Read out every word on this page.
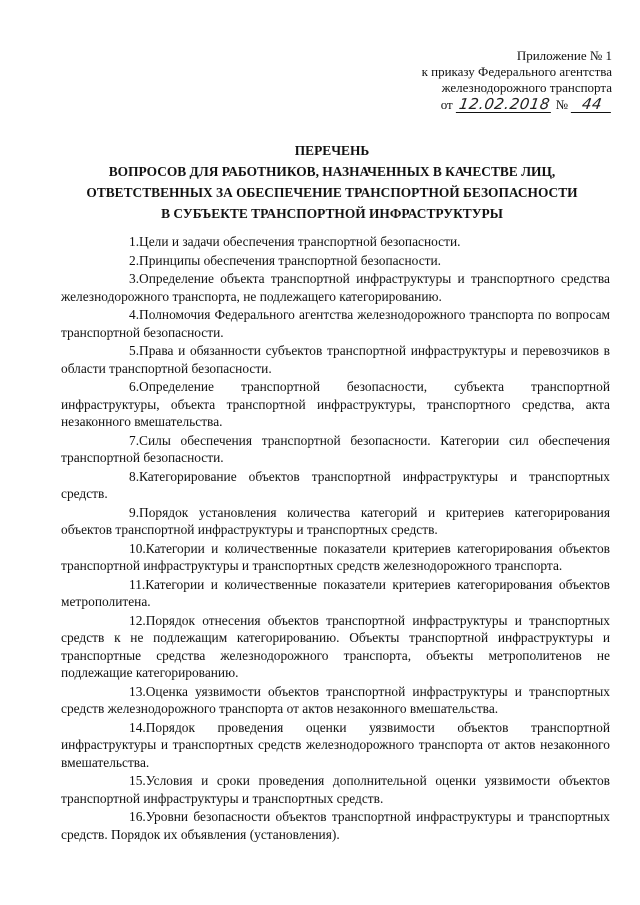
Приложение № 1
к приказу Федерального агентства
железнодорожного транспорта
от 12.02.2018 № 44
ПЕРЕЧЕНЬ
ВОПРОСОВ ДЛЯ РАБОТНИКОВ, НАЗНАЧЕННЫХ В КАЧЕСТВЕ ЛИЦ,
ОТВЕТСТВЕННЫХ ЗА ОБЕСПЕЧЕНИЕ ТРАНСПОРТНОЙ БЕЗОПАСНОСТИ
В СУБЪЕКТЕ ТРАНСПОРТНОЙ ИНФРАСТРУКТУРЫ

1.Цели и задачи обеспечения транспортной безопасности.

2.Принципы обеспечения транспортной безопасности.

3.Определение объекта транспортной инфраструктуры и транспортного средства железнодорожного транспорта, не подлежащего категорированию.

4.Полномочия Федерального агентства железнодорожного транспорта по вопросам транспортной безопасности.

5.Права и обязанности субъектов транспортной инфраструктуры и перевозчиков в области транспортной безопасности.

6.Определение транспортной безопасности, субъекта транспортной инфраструктуры, объекта транспортной инфраструктуры, транспортного средства, акта незаконного вмешательства.

7.Силы обеспечения транспортной безопасности. Категории сил обеспечения транспортной безопасности.

8.Категорирование объектов транспортной инфраструктуры и транспортных средств.

9.Порядок установления количества категорий и критериев категорирования объектов транспортной инфраструктуры и транспортных средств.

10.Категории и количественные показатели критериев категорирования объектов транспортной инфраструктуры и транспортных средств железнодорожного транспорта.

11.Категории и количественные показатели критериев категорирования объектов метрополитена.

12.Порядок отнесения объектов транспортной инфраструктуры и транспортных средств к не подлежащим категорированию. Объекты транспортной инфраструктуры и транспортные средства железнодорожного транспорта, объекты метрополитенов не подлежащие категорированию.

13.Оценка уязвимости объектов транспортной инфраструктуры и транспортных средств железнодорожного транспорта от актов незаконного вмешательства.

14.Порядок проведения оценки уязвимости объектов транспортной инфраструктуры и транспортных средств железнодорожного транспорта от актов незаконного вмешательства.

15.Условия и сроки проведения дополнительной оценки уязвимости объектов транспортной инфраструктуры и транспортных средств.

16.Уровни безопасности объектов транспортной инфраструктуры и транспортных средств. Порядок их объявления (установления).
